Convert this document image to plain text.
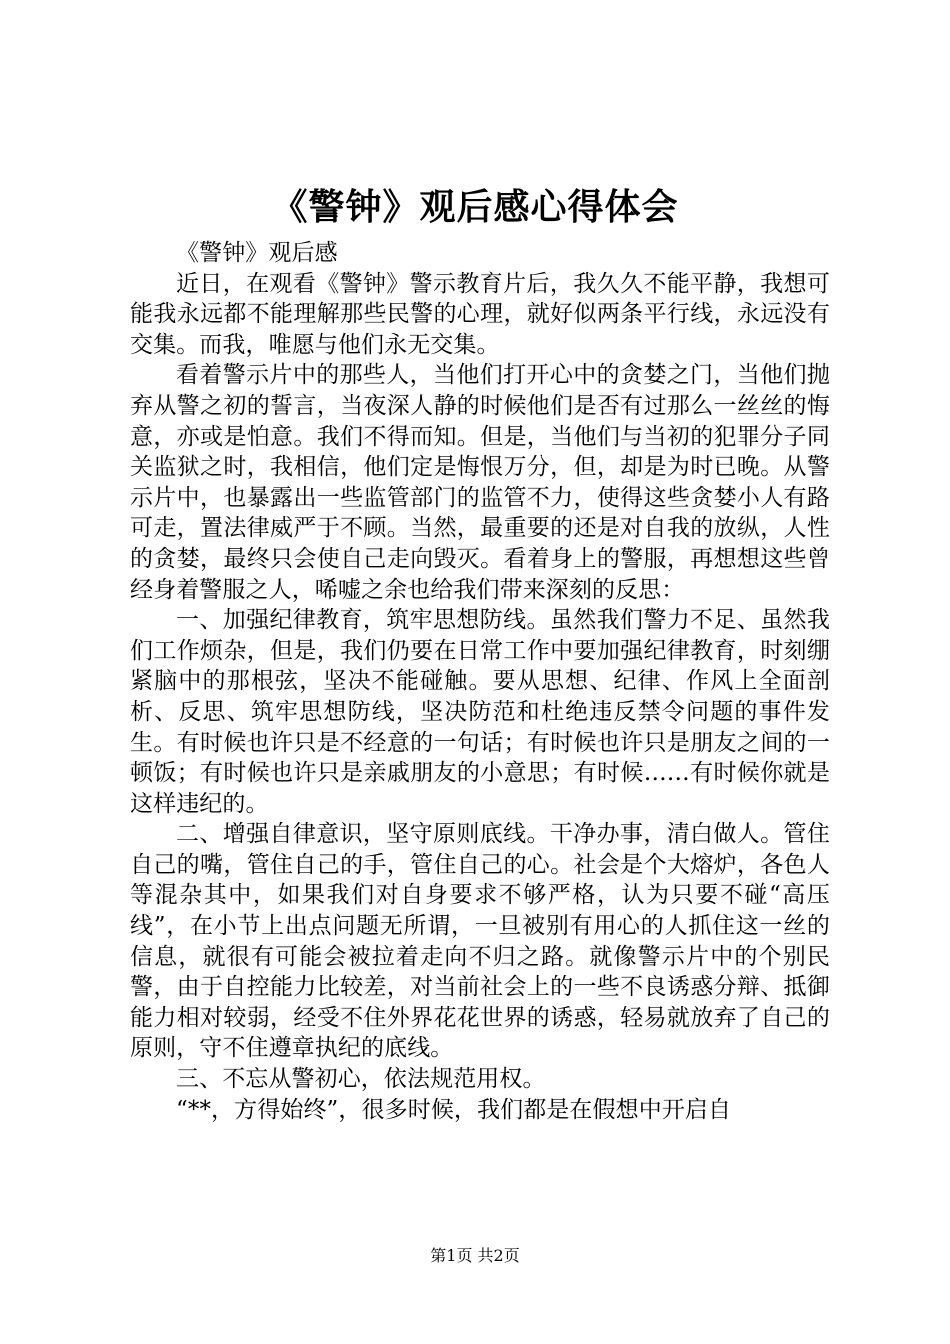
《警钟》观后感心得体会

《警钟》观后感

近日，在观看《警钟》警示教育片后，我久久不能平静，我想可能我永远都不能理解那些民警的心理，就好似两条平行线，永远没有交集。而我，唯愿与他们永无交集。

看着警示片中的那些人，当他们打开心中的贪婪之门，当他们抛弃从警之初的誓言，当夜深人静的时候他们是否有过那么一丝丝的悔意，亦或是怕意。我们不得而知。但是，当他们与当初的犯罪分子同关监狱之时，我相信，他们定是悔恨万分，但，却是为时已晚。从警示片中，也暴露出一些监管部门的监管不力，使得这些贪婪小人有路可走，置法律威严于不顾。当然，最重要的还是对自我的放纵，人性的贪婪，最终只会使自己走向毁灭。看着身上的警服，再想想这些曾经身着警服之人，唏嘘之余也给我们带来深刻的反思：

一、加强纪律教育，筑牢思想防线。虽然我们警力不足、虽然我们工作烦杂，但是，我们仍要在日常工作中要加强纪律教育，时刻绷紧脑中的那根弦，坚决不能碰触。要从思想、纪律、作风上全面剖析、反思、筑牢思想防线，坚决防范和杜绝违反禁令问题的事件发生。有时候也许只是不经意的一句话；有时候也许只是朋友之间的一顿饭；有时候也许只是亲戚朋友的小意思；有时候……有时候你就是这样违纪的。

二、增强自律意识，坚守原则底线。干净办事，清白做人。管住自己的嘴，管住自己的手，管住自己的心。社会是个大熔炉，各色人等混杂其中，如果我们对自身要求不够严格，认为只要不碰“高压线”，在小节上出点问题无所谓，一旦被别有用心的人抓住这一丝的信息，就很有可能会被拉着走向不归之路。就像警示片中的个别民警，由于自控能力比较差，对当前社会上的一些不良诱惑分辩、抵御能力相对较弱，经受不住外界花花世界的诱惑，轻易就放弃了自己的原则，守不住遵章执纪的底线。

三、不忘从警初心，依法规范用权。

“**，方得始终”，很多时候，我们都是在假想中开启自

第1页 共2页
